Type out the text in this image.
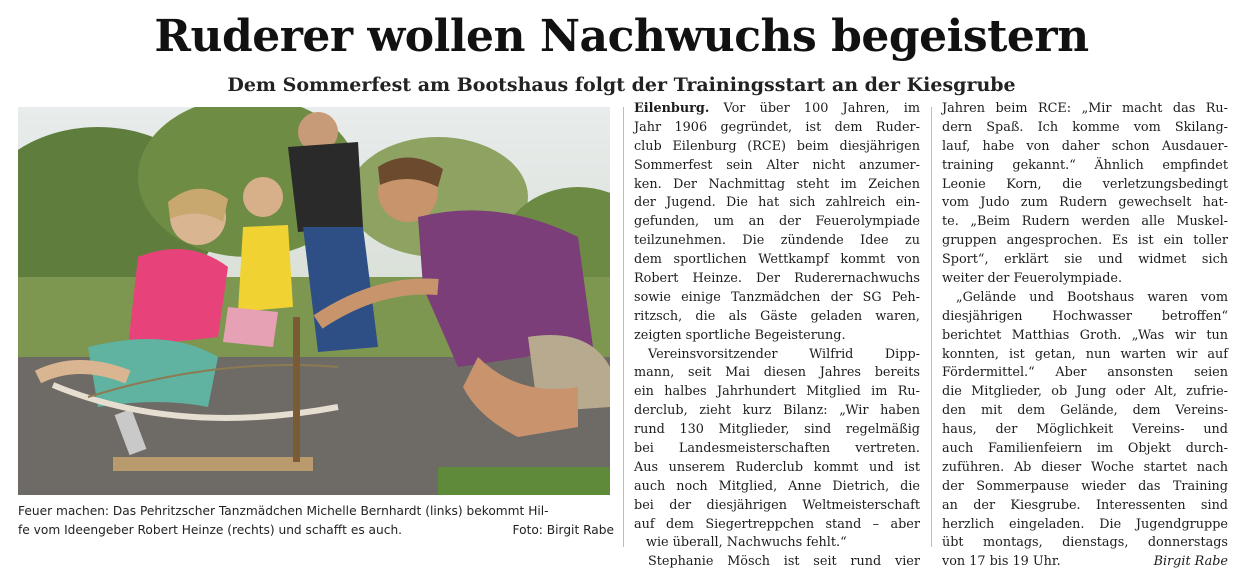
Ruderer wollen Nachwuchs begeistern
Dem Sommerfest am Bootshaus folgt der Trainingsstart an der Kiesgrube
Feuer machen: Das Pehritzscher Tanzmädchen Michelle Bernhardt (links) bekommt Hil-
fe vom Ideengeber Robert Heinze (rechts) und schafft es auch.	Foto: Birgit Rabe
Eilenburg. Vor über 100 Jahren, im
Jahr 1906 gegründet, ist dem Ruder-
club Eilenburg (RCE) beim diesjährigen
Sommerfest sein Alter nicht anzumer-
ken. Der Nachmittag steht im Zeichen
der Jugend. Die hat sich zahlreich ein-
gefunden, um an der Feuerolympiade
teilzunehmen. Die zündende Idee zu
dem sportlichen Wettkampf kommt von
Robert Heinze. Der Ruderernachwuchs
sowie einige Tanzmädchen der SG Peh-
ritzsch, die als Gäste geladen waren,
zeigten sportliche Begeisterung.
Vereinsvorsitzender Wilfrid Dipp-
mann, seit Mai diesen Jahres bereits
ein halbes Jahrhundert Mitglied im Ru-
derclub, zieht kurz Bilanz: „Wir haben
rund 130 Mitglieder, sind regelmäßig
bei Landesmeisterschaften vertreten.
Aus unserem Ruderclub kommt und ist
auch noch Mitglied, Anne Dietrich, die
bei der diesjährigen Weltmeisterschaft
auf dem Siegertreppchen stand – aber
wie überall, Nachwuchs fehlt.“
Stephanie Mösch ist seit rund vier
Jahren beim RCE: „Mir macht das Ru-
dern Spaß. Ich komme vom Skilang-
lauf, habe von daher schon Ausdauer-
training gekannt.“ Ähnlich empfindet
Leonie Korn, die verletzungsbedingt
vom Judo zum Rudern gewechselt hat-
te. „Beim Rudern werden alle Muskel-
gruppen angesprochen. Es ist ein toller
Sport“, erklärt sie und widmet sich
weiter der Feuerolympiade.
„Gelände und Bootshaus waren vom
diesjährigen Hochwasser betroffen“
berichtet Matthias Groth. „Was wir tun
konnten, ist getan, nun warten wir auf
Fördermittel.“ Aber ansonsten seien
die Mitglieder, ob Jung oder Alt, zufrie-
den mit dem Gelände, dem Vereins-
haus, der Möglichkeit Vereins- und
auch Familienfeiern im Objekt durch-
zuführen. Ab dieser Woche startet nach
der Sommerpause wieder das Training
an der Kiesgrube. Interessenten sind
herzlich eingeladen. Die Jugendgruppe
übt montags, dienstags, donnerstags
von 17 bis 19 Uhr.	Birgit Rabe
